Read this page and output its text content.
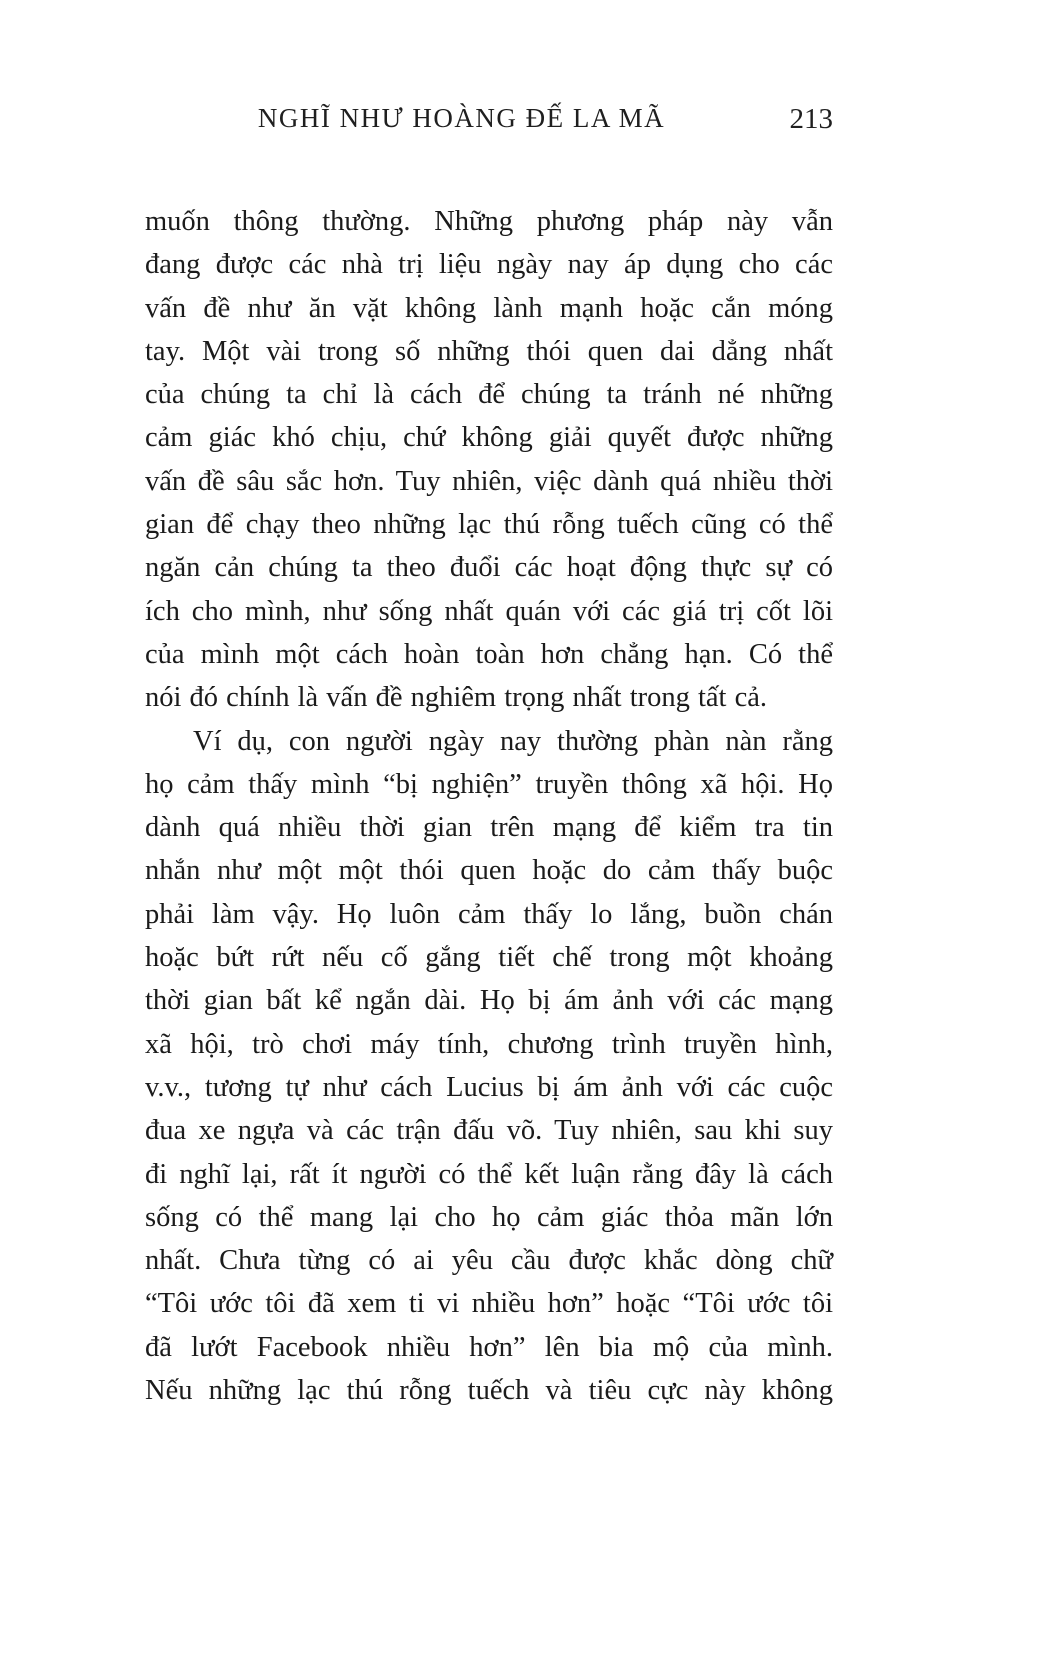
NGHĨ NHƯ HOÀNG ĐẾ LA MÃ	213
muốn thông thường. Những phương pháp này vẫn
đang được các nhà trị liệu ngày nay áp dụng cho các
vấn đề như ăn vặt không lành mạnh hoặc cắn móng
tay. Một vài trong số những thói quen dai dẳng nhất
của chúng ta chỉ là cách để chúng ta tránh né những
cảm giác khó chịu, chứ không giải quyết được những
vấn đề sâu sắc hơn. Tuy nhiên, việc dành quá nhiều thời
gian để chạy theo những lạc thú rỗng tuếch cũng có thể
ngăn cản chúng ta theo đuổi các hoạt động thực sự có
ích cho mình, như sống nhất quán với các giá trị cốt lõi
của mình một cách hoàn toàn hơn chẳng hạn. Có thể
nói đó chính là vấn đề nghiêm trọng nhất trong tất cả.
Ví dụ, con người ngày nay thường phàn nàn rằng
họ cảm thấy mình “bị nghiện” truyền thông xã hội. Họ
dành quá nhiều thời gian trên mạng để kiểm tra tin
nhắn như một một thói quen hoặc do cảm thấy buộc
phải làm vậy. Họ luôn cảm thấy lo lắng, buồn chán
hoặc bứt rứt nếu cố gắng tiết chế trong một khoảng
thời gian bất kể ngắn dài. Họ bị ám ảnh với các mạng
xã hội, trò chơi máy tính, chương trình truyền hình,
v.v., tương tự như cách Lucius bị ám ảnh với các cuộc
đua xe ngựa và các trận đấu võ. Tuy nhiên, sau khi suy
đi nghĩ lại, rất ít người có thể kết luận rằng đây là cách
sống có thể mang lại cho họ cảm giác thỏa mãn lớn
nhất. Chưa từng có ai yêu cầu được khắc dòng chữ
“Tôi ước tôi đã xem ti vi nhiều hơn” hoặc “Tôi ước tôi
đã lướt Facebook nhiều hơn” lên bia mộ của mình.
Nếu những lạc thú rỗng tuếch và tiêu cực này không
